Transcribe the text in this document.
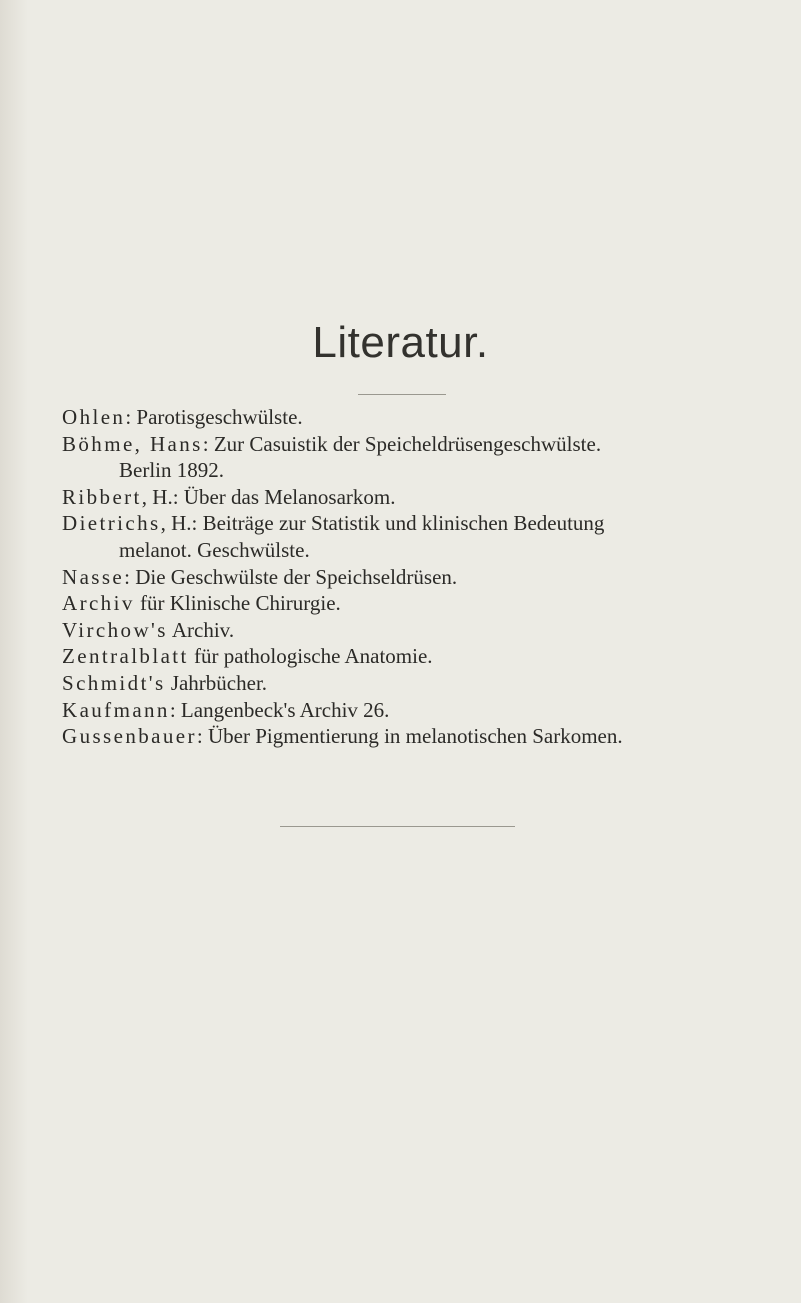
Literatur.
Ohlen: Parotisgeschwülste.
Böhme, Hans: Zur Casuistik der Speicheldrüsengeschwülste.
Berlin 1892.
Ribbert, H.: Über das Melanosarkom.
Dietrichs, H.: Beiträge zur Statistik und klinischen Bedeutung
melanot. Geschwülste.
Nasse: Die Geschwülste der Speichseldrüsen.
Archiv für Klinische Chirurgie.
Virchow's Archiv.
Zentralblatt für pathologische Anatomie.
Schmidt's Jahrbücher.
Kaufmann: Langenbeck's Archiv 26.
Gussenbauer: Über Pigmentierung in melanotischen Sarkomen.
